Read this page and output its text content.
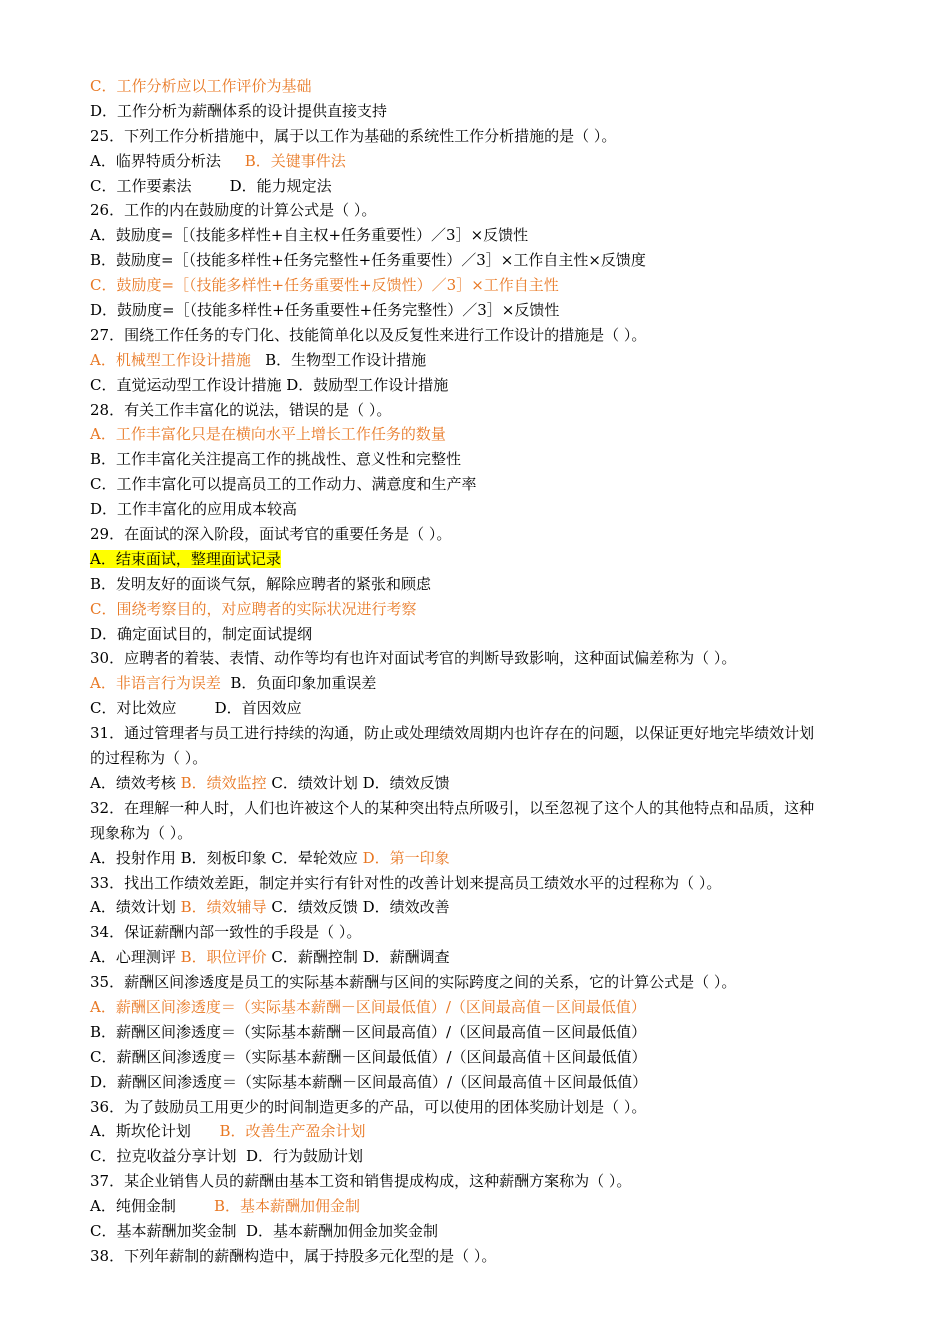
C．工作分析应以工作评价为基础
D．工作分析为薪酬体系的设计提供直接支持
25．下列工作分析措施中，属于以工作为基础的系统性工作分析措施的是（ ）。
A．临界特质分析法     B．关键事件法
C．工作要素法        D．能力规定法
26．工作的内在鼓励度的计算公式是（ ）。
A．鼓励度=［（技能多样性+自主权+任务重要性）／3］×反馈性
B．鼓励度=［（技能多样性+任务完整性+任务重要性）／3］×工作自主性×反馈度
C．鼓励度=［（技能多样性+任务重要性+反馈性）／3］×工作自主性
D．鼓励度=［（技能多样性+任务重要性+任务完整性）／3］×反馈性
27．围绕工作任务的专门化、技能简单化以及反复性来进行工作设计的措施是（ ）。
A．机械型工作设计措施   B．生物型工作设计措施
C．直觉运动型工作设计措施 D．鼓励型工作设计措施
28．有关工作丰富化的说法，错误的是（ ）。
A．工作丰富化只是在横向水平上增长工作任务的数量
B．工作丰富化关注提高工作的挑战性、意义性和完整性
C．工作丰富化可以提高员工的工作动力、满意度和生产率
D．工作丰富化的应用成本较高
29．在面试的深入阶段，面试考官的重要任务是（ ）。
A．结束面试，整理面试记录
B．发明友好的面谈气氛，解除应聘者的紧张和顾虑
C．围绕考察目的，对应聘者的实际状况进行考察
D．确定面试目的，制定面试提纲
30．应聘者的着装、表情、动作等均有也许对面试考官的判断导致影响，这种面试偏差称为（ ）。
A．非语言行为误差  B．负面印象加重误差
C．对比效应        D．首因效应
31．通过管理者与员工进行持续的沟通，防止或处理绩效周期内也许存在的问题，以保证更好地完毕绩效计划
的过程称为（ ）。
A．绩效考核 B．绩效监控 C．绩效计划 D．绩效反馈
32．在理解一种人时，人们也许被这个人的某种突出特点所吸引，以至忽视了这个人的其他特点和品质，这种
现象称为（ ）。
A．投射作用 B．刻板印象 C．晕轮效应 D．第一印象
33．找出工作绩效差距，制定并实行有针对性的改善计划来提高员工绩效水平的过程称为（ ）。
A．绩效计划 B．绩效辅导 C．绩效反馈 D．绩效改善
34．保证薪酬内部一致性的手段是（ ）。
A．心理测评 B．职位评价 C．薪酬控制 D．薪酬调查
35．薪酬区间渗透度是员工的实际基本薪酬与区间的实际跨度之间的关系，它的计算公式是（ ）。
A．薪酬区间渗透度＝（实际基本薪酬－区间最低值）/（区间最高值－区间最低值）
B．薪酬区间渗透度＝（实际基本薪酬－区间最高值）/（区间最高值－区间最低值）
C．薪酬区间渗透度＝（实际基本薪酬－区间最低值）/（区间最高值＋区间最低值）
D．薪酬区间渗透度＝（实际基本薪酬－区间最高值）/（区间最高值＋区间最低值）
36．为了鼓励员工用更少的时间制造更多的产品，可以使用的团体奖励计划是（ ）。
A．斯坎伦计划      B．改善生产盈余计划
C．拉克收益分享计划  D．行为鼓励计划
37．某企业销售人员的薪酬由基本工资和销售提成构成，这种薪酬方案称为（ ）。
A．纯佣金制        B．基本薪酬加佣金制
C．基本薪酬加奖金制  D．基本薪酬加佣金加奖金制
38．下列年薪制的薪酬构造中，属于持股多元化型的是（ ）。
